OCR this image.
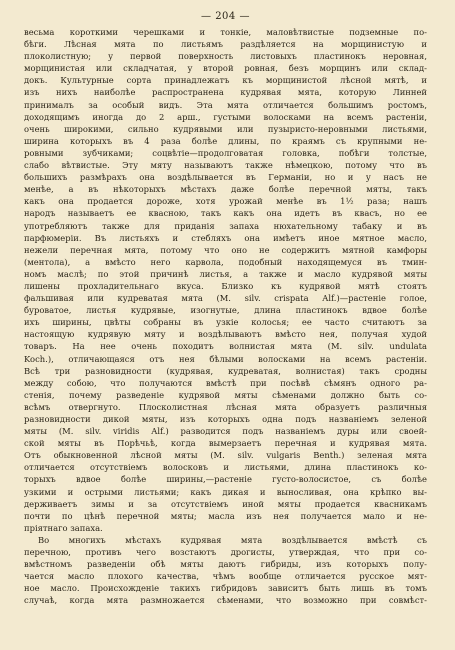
— 204 —
весьма короткими черешками и тонкiе, маловѣтвистые подземные по-
бѣги. Лѣсная мята по листьямъ раздѣляется на морщинистую и
плоколистную; у первой поверхность листовыхъ пластинокъ неровная,
морщинистая или складчатая, у второй ровная, безъ морщинъ или склад-
докъ. Культурные сорта принадлежатъ къ морщинистой лѣсной мятѣ, и
изъ нихъ наиболѣе распространена кудрявая мята, которую Линней
принималъ за особый видъ. Эта мята отличается большимъ ростомъ,
доходящимъ иногда до 2 арш., густыми волосками на всемъ растенiи,
очень широкими, сильно кудрявыми или пузыристо-неровными листьями,
ширина которыхъ въ 4 раза болѣе длины, по краямъ съ крупными не-
ровными зубчиками; соцвѣтiе—продолговатая головка, побѣги толстые,
слабо вѣтвистые. Эту мяту называютъ также нѣмецкою, потому что въ
большихъ размѣрахъ она воздѣлывается въ Германiи, но и у насъ не
менѣе, а въ нѣкоторыхъ мѣстахъ даже болѣе перечной мяты, такъ
какъ она продается дороже, хотя урожай менѣе въ 1½ раза; нашъ
народъ называетъ ее квасною, такъ какъ она идетъ въ квасъ, но ее
употребляютъ также для приданiя запаха нюхательному табаку и въ
парфюмерiи. Въ листьяхъ и стебляхъ она имѣетъ иное мятное масло,
нежели перечная мята, потому что оно не содержитъ мятной камфоры
(ментола), а вмѣсто него карвола, подобный находящемуся въ тмин-
номъ маслѣ; по этой причинѣ листья, а также и масло кудрявой мяты
лишены прохладительнаго вкуса. Близко къ кудрявой мятѣ стоятъ
фальшивая или кудреватая мята (M. silv. crispata Alf.)—растенiе голое,
буроватое, листья кудрявые, изогнутые, длина пластинокъ вдвое болѣе
ихъ ширины, цвѣты собраны въ узкiе колосья; ее часто считаютъ за
настоящую кудрявую мяту и воздѣлываютъ вмѣсто нея, получая худой
товаръ. На нее очень походитъ волнистая мята (M. silv. undulata
Koch.), отличающаяся отъ нея бѣлыми волосками на всемъ растенiи.
Всѣ три разновидности (кудрявая, кудреватая, волнистая) такъ сродны
между собою, что получаются вмѣстѣ при посѣвѣ сѣмянъ одного ра-
стенiя, почему разведенiе кудрявой мяты сѣменами должно быть со-
всѣмъ отвергнуто. Плосколистная лѣсная мята образуетъ различныя
разновидности дикой мяты, изъ которыхъ одна подъ названiемъ зеленой
мяты (M. silv. viridis Alf.) разводится подъ названiемъ дуры или своей-
ской мяты въ Порѣчьѣ, когда вымерзаетъ перечная и кудрявая мята.
Отъ обыкновенной лѣсной мяты (M. silv. vulgaris Benth.) зеленая мята
отличается отсутствiемъ волосковъ и листьями, длина пластинокъ ко-
торыхъ вдвое болѣе ширины,—растенiе густо-волосистое, съ болѣе
узкими и острыми листьями; какъ дикая и выносливая, она крѣпко вы-
держиваетъ зимы и за отсутствiемъ иной мяты продается квасникамъ
почти по цѣнѣ перечной мяты; масла изъ нея получается мало и не-
прiятнаго запаха.
Во многихъ мѣстахъ кудрявая мята воздѣлывается вмѣстѣ съ
перечною, противъ чего возстаютъ дрогисты, утверждая, что при со-
вмѣстномъ разведенiи обѣ мяты даютъ гибриды, изъ которыхъ полу-
чается масло плохого качества, чѣмъ вообще отличается русское мят-
ное масло. Происхожденiе такихъ гибридовъ зависитъ быть лишь въ томъ
случаѣ, когда мята размножается сѣменами, что возможно при совмѣст-
